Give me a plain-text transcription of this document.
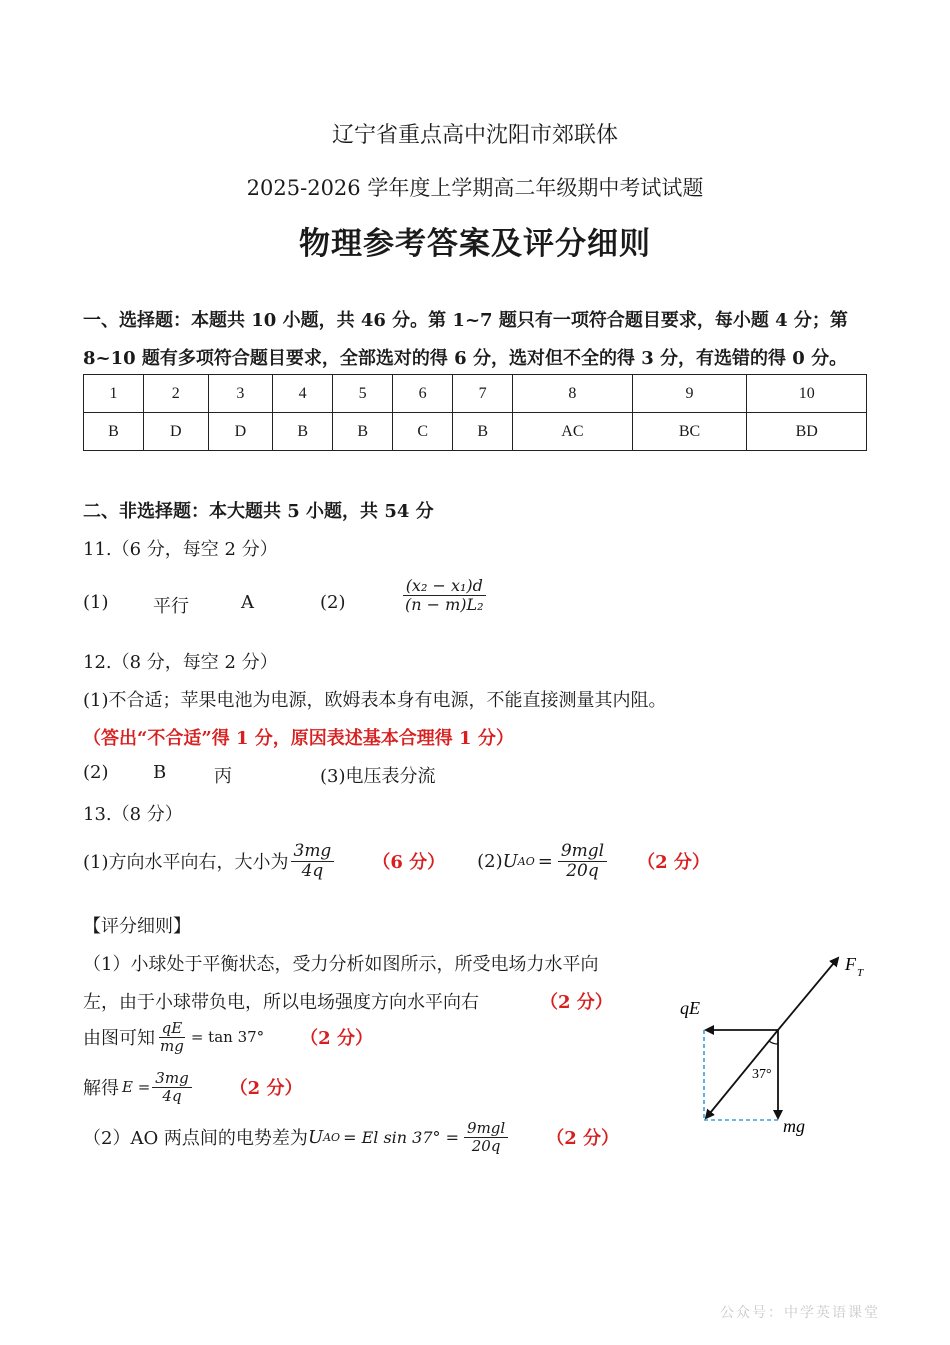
辽宁省重点高中沈阳市郊联体
2025-2026 学年度上学期高二年级期中考试试题
物理参考答案及评分细则
一、选择题：本题共 10 小题，共 46 分。第 1~7 题只有一项符合题目要求，每小题 4 分；第
8~10 题有多项符合题目要求，全部选对的得 6 分，选对但不全的得 3 分，有选错的得 0 分。
1	2	3	4	5	6	7	8	9	10
B	D	D	B	B	C	B	AC	BC	BD
二、非选择题：本大题共 5 小题，共 54 分
11.（6 分，每空 2 分）
(1) 平行	A	(2)	$\frac{\text{(x₂ − x₁)d}}{\text{(n − m)L₂}}$
12.（8 分，每空 2 分）
(1)不合适；苹果电池为电源，欧姆表本身有电源，不能直接测量其内阻。
（答出“不合适”得 1 分，原因表述基本合理得 1 分）
(2) B	丙	(3)电压表分流
13.（8 分）
(1)方向水平向右，大小为 $\frac{3mg}{4q} (6$ 分） (2) U AO = $\frac{\text{9mgl}}{20q} (2$ 分）
【评分细则】
（1）小球处于平衡状态，受力分析如图所示，所受电场力水平向
左，由于小球带负电，所以电场强度方向水平向右	（2 分）
由图可知 $\frac{qE}{mg} = \tan 37^\circ$ （2 分）
解得 $E = \frac{3mg}{4q} (2$ 分）
（2）AO 两点间的电势差为 U AO = El $\sin 37^\circ = \frac{\text{9mgl}}{20q} (2$ 分）
F T
qE
mg
37°
公众号：中学英语课堂
